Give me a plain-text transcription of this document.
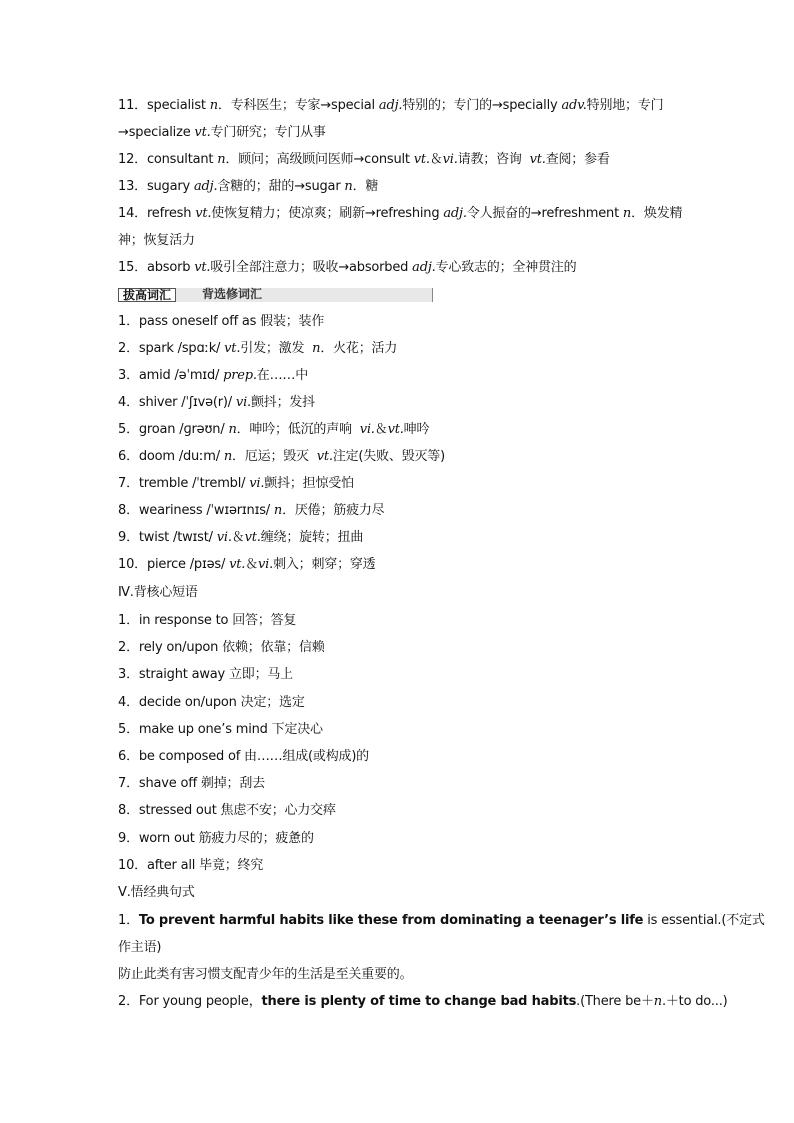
11．specialist n．专科医生；专家→special adj.特别的；专门的→specially adv.特别地；专门
→specialize vt.专门研究；专门从事
12．consultant n．顾问；高级顾问医师→consult vt.＆vi.请教；咨询  vt.查阅；参看
13．sugary adj.含糖的；甜的→sugar n．糖
14．refresh vt.使恢复精力；使凉爽；刷新→refreshing adj.令人振奋的→refreshment n．焕发精
神；恢复活力
15．absorb vt.吸引全部注意力；吸收→absorbed adj.专心致志的；全神贯注的
拔高词汇	背选修词汇
1．pass oneself off as 假装；装作
2．spark /spɑːk/ vt.引发；激发  n．火花；活力
3．amid /əˈmɪd/ prep.在……中
4．shiver /ˈʃɪvə(r)/ vi.颤抖；发抖
5．groan /ɡrəʊn/ n．呻吟；低沉的声响  vi.＆vt.呻吟
6．doom /duːm/ n．厄运；毁灭  vt.注定(失败、毁灭等)
7．tremble /ˈtrembl/ vi.颤抖；担惊受怕
8．weariness /ˈwɪərɪnɪs/ n．厌倦；筋疲力尽
9．twist /twɪst/ vi.＆vt.缠绕；旋转；扭曲
10．pierce /pɪəs/ vt.＆vi.刺入；刺穿；穿透
Ⅳ.背核心短语
1．in response to 回答；答复
2．rely on/upon 依赖；依靠；信赖
3．straight away 立即；马上
4．decide on/upon 决定；选定
5．make up one’s mind 下定决心
6．be composed of 由……组成(或构成)的
7．shave off 剃掉；刮去
8．stressed out 焦虑不安；心力交瘁
9．worn out 筋疲力尽的；疲惫的
10．after all 毕竟；终究
Ⅴ.悟经典句式
1．To prevent harmful habits like these from dominating a teenager’s life is essential.(不定式
作主语)
防止此类有害习惯支配青少年的生活是至关重要的。
2．For young people，there is plenty of time to change bad habits.(There be＋n.＋to do...)
